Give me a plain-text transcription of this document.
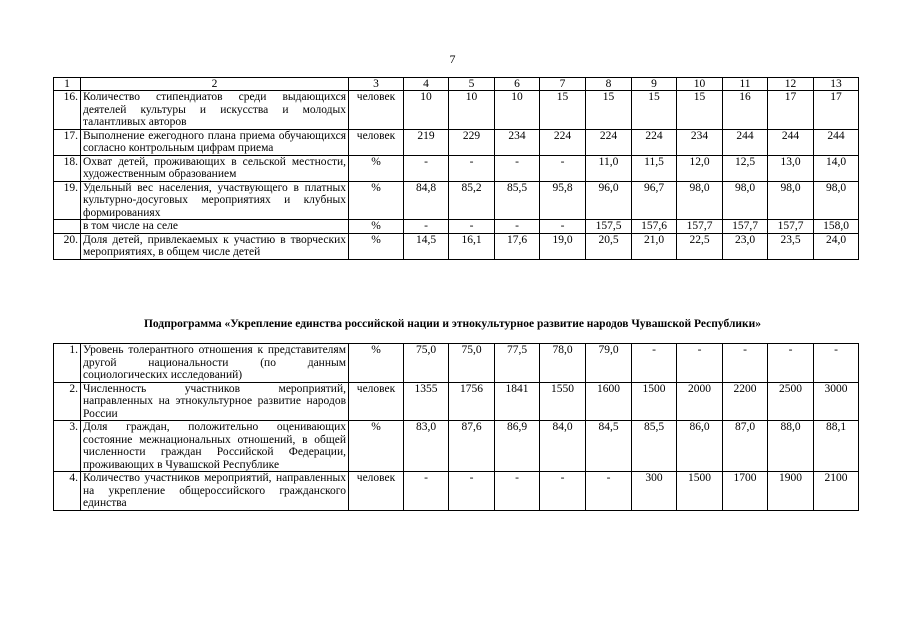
7
1	2	3	4	5	6	7	8	9	10	11	12	13
16.	Количество стипендиатов среди выдающихся деятелей культуры и искусства и молодых талантливых авторов	человек	10	10	10	15	15	15	15	16	17	17
17.	Выполнение ежегодного плана приема обучающихся согласно контрольным цифрам приема	человек	219	229	234	224	224	224	234	244	244	244
18.	Охват детей, проживающих в сельской местности, художественным образованием	%	-	-	-	-	11,0	11,5	12,0	12,5	13,0	14,0
19.	Удельный вес населения, участвующего в платных культурно-досуговых мероприятиях и клубных формированиях	%	84,8	85,2	85,5	95,8	96,0	96,7	98,0	98,0	98,0	98,0
	в том числе на селе	%	-	-	-	-	157,5	157,6	157,7	157,7	157,7	158,0
20.	Доля детей, привлекаемых к участию в творческих мероприятиях, в общем числе детей	%	14,5	16,1	17,6	19,0	20,5	21,0	22,5	23,0	23,5	24,0
Подпрограмма «Укрепление единства российской нации и этнокультурное развитие народов Чувашской Республики»
1.	Уровень толерантного отношения к представителям другой национальности (по данным социологических исследований)	%	75,0	75,0	77,5	78,0	79,0	-	-	-	-	-
2.	Численность участников мероприятий, направленных на этнокультурное развитие народов России	человек	1355	1756	1841	1550	1600	1500	2000	2200	2500	3000
3.	Доля граждан, положительно оценивающих состояние межнациональных отношений, в общей численности граждан Российской Федерации, проживающих в Чувашской Республике	%	83,0	87,6	86,9	84,0	84,5	85,5	86,0	87,0	88,0	88,1
4.	Количество участников мероприятий, направленных на укрепление общероссийского гражданского единства	человек	-	-	-	-	-	300	1500	1700	1900	2100
